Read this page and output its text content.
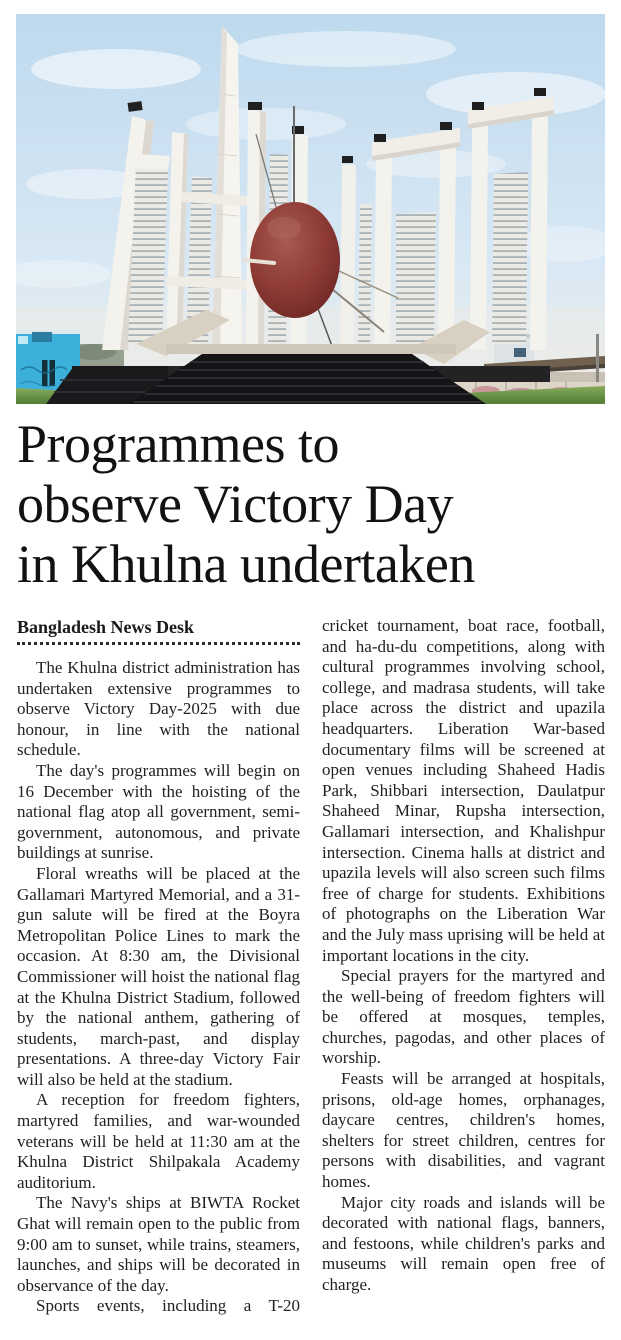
Programmes to
observe Victory Day
in Khulna undertaken
Bangladesh News Desk

The Khulna district administration has undertaken extensive programmes to observe Victory Day-2025 with due honour, in line with the national schedule.

The day's programmes will begin on 16 December with the hoisting of the national flag atop all government, semi-government, autonomous, and private buildings at sunrise.

Floral wreaths will be placed at the Gallamari Martyred Memorial, and a 31-gun salute will be fired at the Boyra Metropolitan Police Lines to mark the occasion. At 8:30 am, the Divisional Commissioner will hoist the national flag at the Khulna District Stadium, followed by the national anthem, gathering of students, march-past, and display presentations. A three-day Victory Fair will also be held at the stadium.

A reception for freedom fighters, martyred families, and war-wounded veterans will be held at 11:30 am at the Khulna District Shilpakala Academy auditorium.

The Navy's ships at BIWTA Rocket Ghat will remain open to the public from 9:00 am to sunset, while trains, steamers, launches, and ships will be decorated in observance of the day.

Sports events, including a T-20

cricket tournament, boat race, football, and ha-du-du competitions, along with cultural programmes involving school, college, and madrasa students, will take place across the district and upazila headquarters. Liberation War-based documentary films will be screened at open venues including Shaheed Hadis Park, Shibbari intersection, Daulatpur Shaheed Minar, Rupsha intersection, Gallamari intersection, and Khalishpur intersection. Cinema halls at district and upazila levels will also screen such films free of charge for students. Exhibitions of photographs on the Liberation War and the July mass uprising will be held at important locations in the city.

Special prayers for the martyred and the well-being of freedom fighters will be offered at mosques, temples, churches, pagodas, and other places of worship.

Feasts will be arranged at hospitals, prisons, old-age homes, orphanages, daycare centres, children's homes, shelters for street children, centres for persons with disabilities, and vagrant homes.

Major city roads and islands will be decorated with national flags, banners, and festoons, while children's parks and museums will remain open free of charge.
